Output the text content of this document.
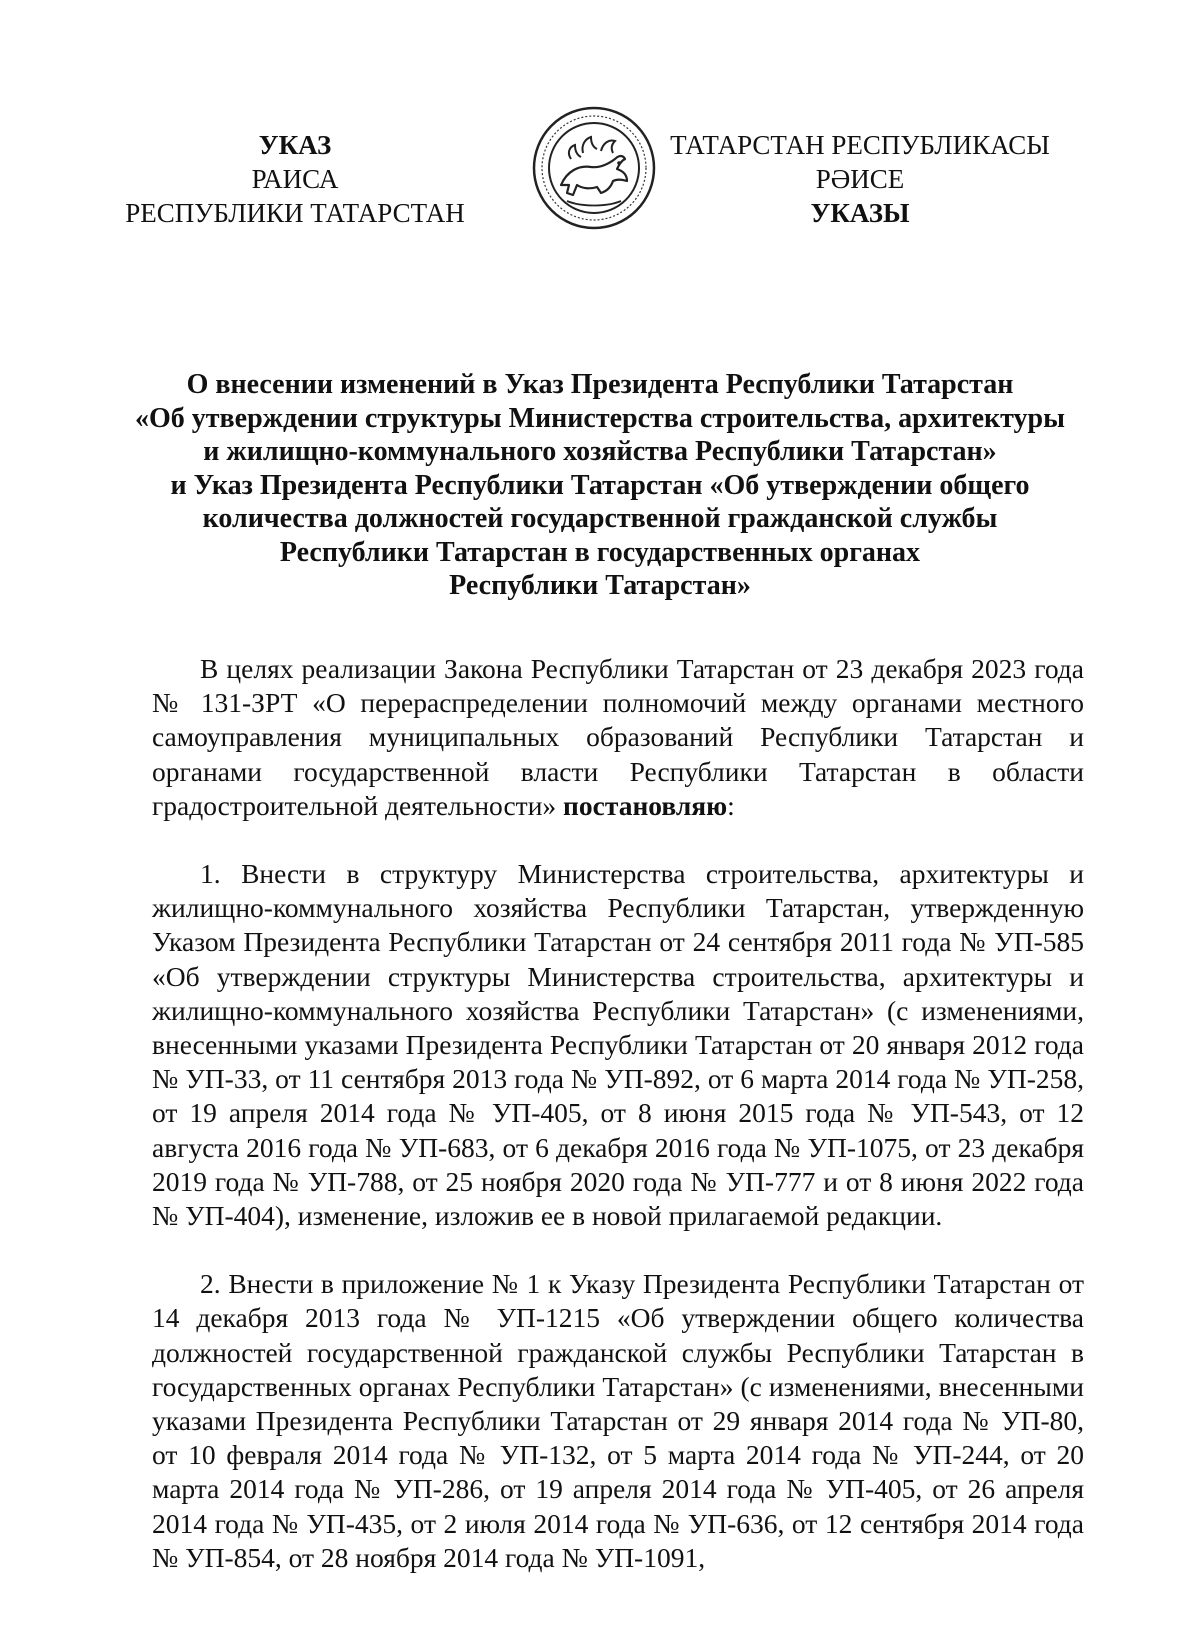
УКАЗ
РАИСА
РЕСПУБЛИКИ ТАТАРСТАН
ТАТАРСТАН РЕСПУБЛИКАСЫ
РӘИСЕ
УКАЗЫ
О внесении изменений в Указ Президента Республики Татарстан
«Об утверждении структуры Министерства строительства, архитектуры
и жилищно-коммунального хозяйства Республики Татарстан»
и Указ Президента Республики Татарстан «Об утверждении общего
количества должностей государственной гражданской службы
Республики Татарстан в государственных органах
Республики Татарстан»

В целях реализации Закона Республики Татарстан от 23 декабря 2023 года № 131-ЗРТ «О перераспределении полномочий между органами местного самоуправления муниципальных образований Республики Татарстан и органами государственной власти Республики Татарстан в области градостроительной деятельности» постановляю:

1. Внести в структуру Министерства строительства, архитектуры и жилищно-коммунального хозяйства Республики Татарстан, утвержденную Указом Президента Республики Татарстан от 24 сентября 2011 года № УП-585 «Об утверждении структуры Министерства строительства, архитектуры и жилищно-коммунального хозяйства Республики Татарстан» (с изменениями, внесенными указами Президента Республики Татарстан от 20 января 2012 года № УП-33, от 11 сентября 2013 года № УП-892, от 6 марта 2014 года № УП-258, от 19 апреля 2014 года № УП-405, от 8 июня 2015 года № УП-543, от 12 августа 2016 года № УП-683, от 6 декабря 2016 года № УП-1075, от 23 декабря 2019 года № УП-788, от 25 ноября 2020 года № УП-777 и от 8 июня 2022 года № УП-404), изменение, изложив ее в новой прилагаемой редакции.

2. Внести в приложение № 1 к Указу Президента Республики Татарстан от 14 декабря 2013 года № УП-1215 «Об утверждении общего количества должностей государственной гражданской службы Республики Татарстан в государственных органах Республики Татарстан» (с изменениями, внесенными указами Президента Республики Татарстан от 29 января 2014 года № УП-80, от 10 февраля 2014 года № УП-132, от 5 марта 2014 года № УП-244, от 20 марта 2014 года № УП-286, от 19 апреля 2014 года № УП-405, от 26 апреля 2014 года № УП-435, от 2 июля 2014 года № УП-636, от 12 сентября 2014 года № УП-854, от 28 ноября 2014 года № УП-1091,
